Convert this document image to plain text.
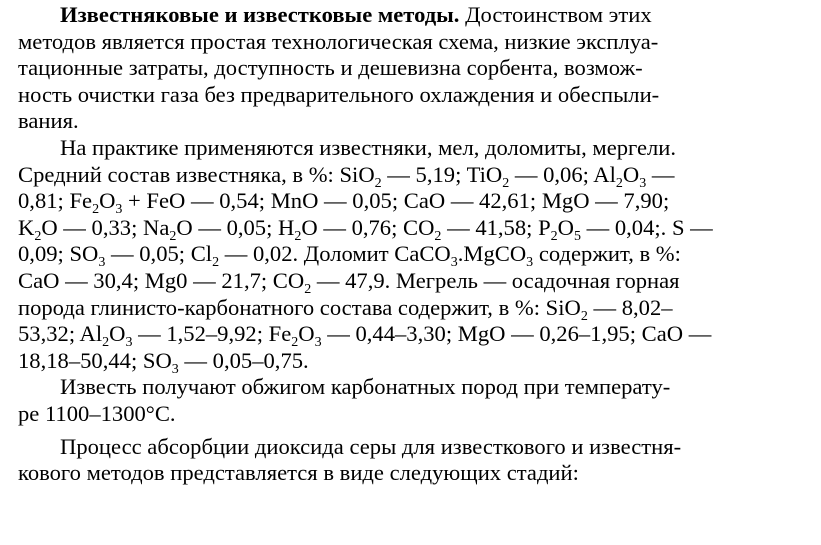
Известняковые и известковые методы. Достоинством этих

методов является простая технологическая схема, низкие эксплуа-
тационные затраты, доступность и дешевизна сорбента, возмож-
ность очистки газа без предварительного охлаждения и обеспыли-
вания.

На практике применяются известняки, мел, доломиты, мергели.
Средний состав известняка, в %: SiO$_2$ — 5,19; TiO$_2$ — 0,06; $Al_2O_3$ —
0,81; $Fe_2O_3$ + FeO — 0,54; MnO — 0,05; CaO — 42,61; MgO — 7,90;
$K_2O$ — 0,33; $Na_2O$ — 0,05; $H_2O$ — 0,76; $CO_2$ — 41,58; $P_2O_5$ — 0,04;. S —
0,09; $SO_3$ — 0,05; $Cl_2$ — 0,02. Доломит CaCO$_3$.MgCO$_3$ содержит, в %:
CaO — 30,4; Mg0 — 21,7; $CO_2$ — 47,9. Мегрель — осадочная горная
порода глинисто-карбонатного состава содержит, в %: SiO$_2$ — 8,02–
53,32; $Al_2O_3$ — 1,52–9,92; $Fe_2O_3$ — 0,44–3,30; MgO — 0,26–1,95; CaO —
18,18–50,44; $SO_3$ — 0,05–0,75.
Известь получают обжигом карбонатных пород при температу-
ре 1100–1300°C.
Процесс абсорбции диоксида серы для известкового и известня-
кового методов представляется в виде следующих стадий:
